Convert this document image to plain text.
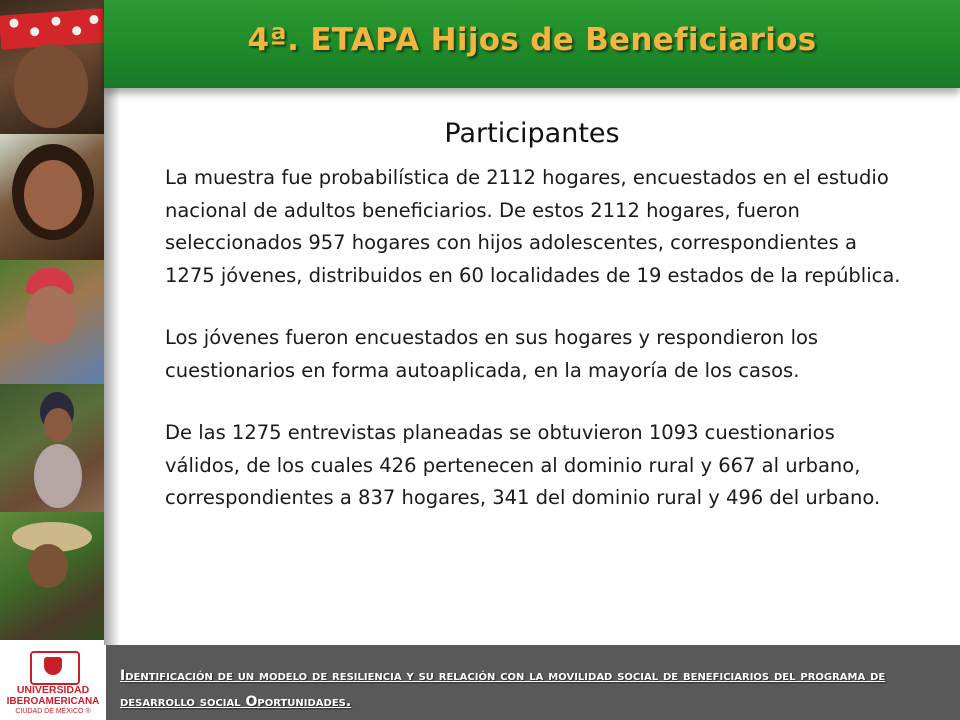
4ª. ETAPA Hijos de Beneficiarios
Participantes

La muestra fue probabilística de 2112 hogares, encuestados en el estudio nacional de adultos beneficiarios. De estos 2112 hogares, fueron seleccionados 957 hogares con hijos adolescentes, correspondientes a 1275 jóvenes, distribuidos en 60 localidades de 19 estados de la república.

Los jóvenes fueron encuestados en sus hogares y respondieron los cuestionarios en forma autoaplicada, en la mayoría de los casos.

De las 1275 entrevistas planeadas se obtuvieron 1093 cuestionarios válidos, de los cuales 426 pertenecen al dominio rural y 667 al urbano, correspondientes a 837 hogares, 341 del dominio rural y 496 del urbano.

UNIVERSIDAD
IBEROAMERICANA
CIUDAD DE MÉXICO ®
Identificación de un modelo de resiliencia y su relación con la movilidad social de beneficiarios del programa de desarrollo social Oportunidades.
